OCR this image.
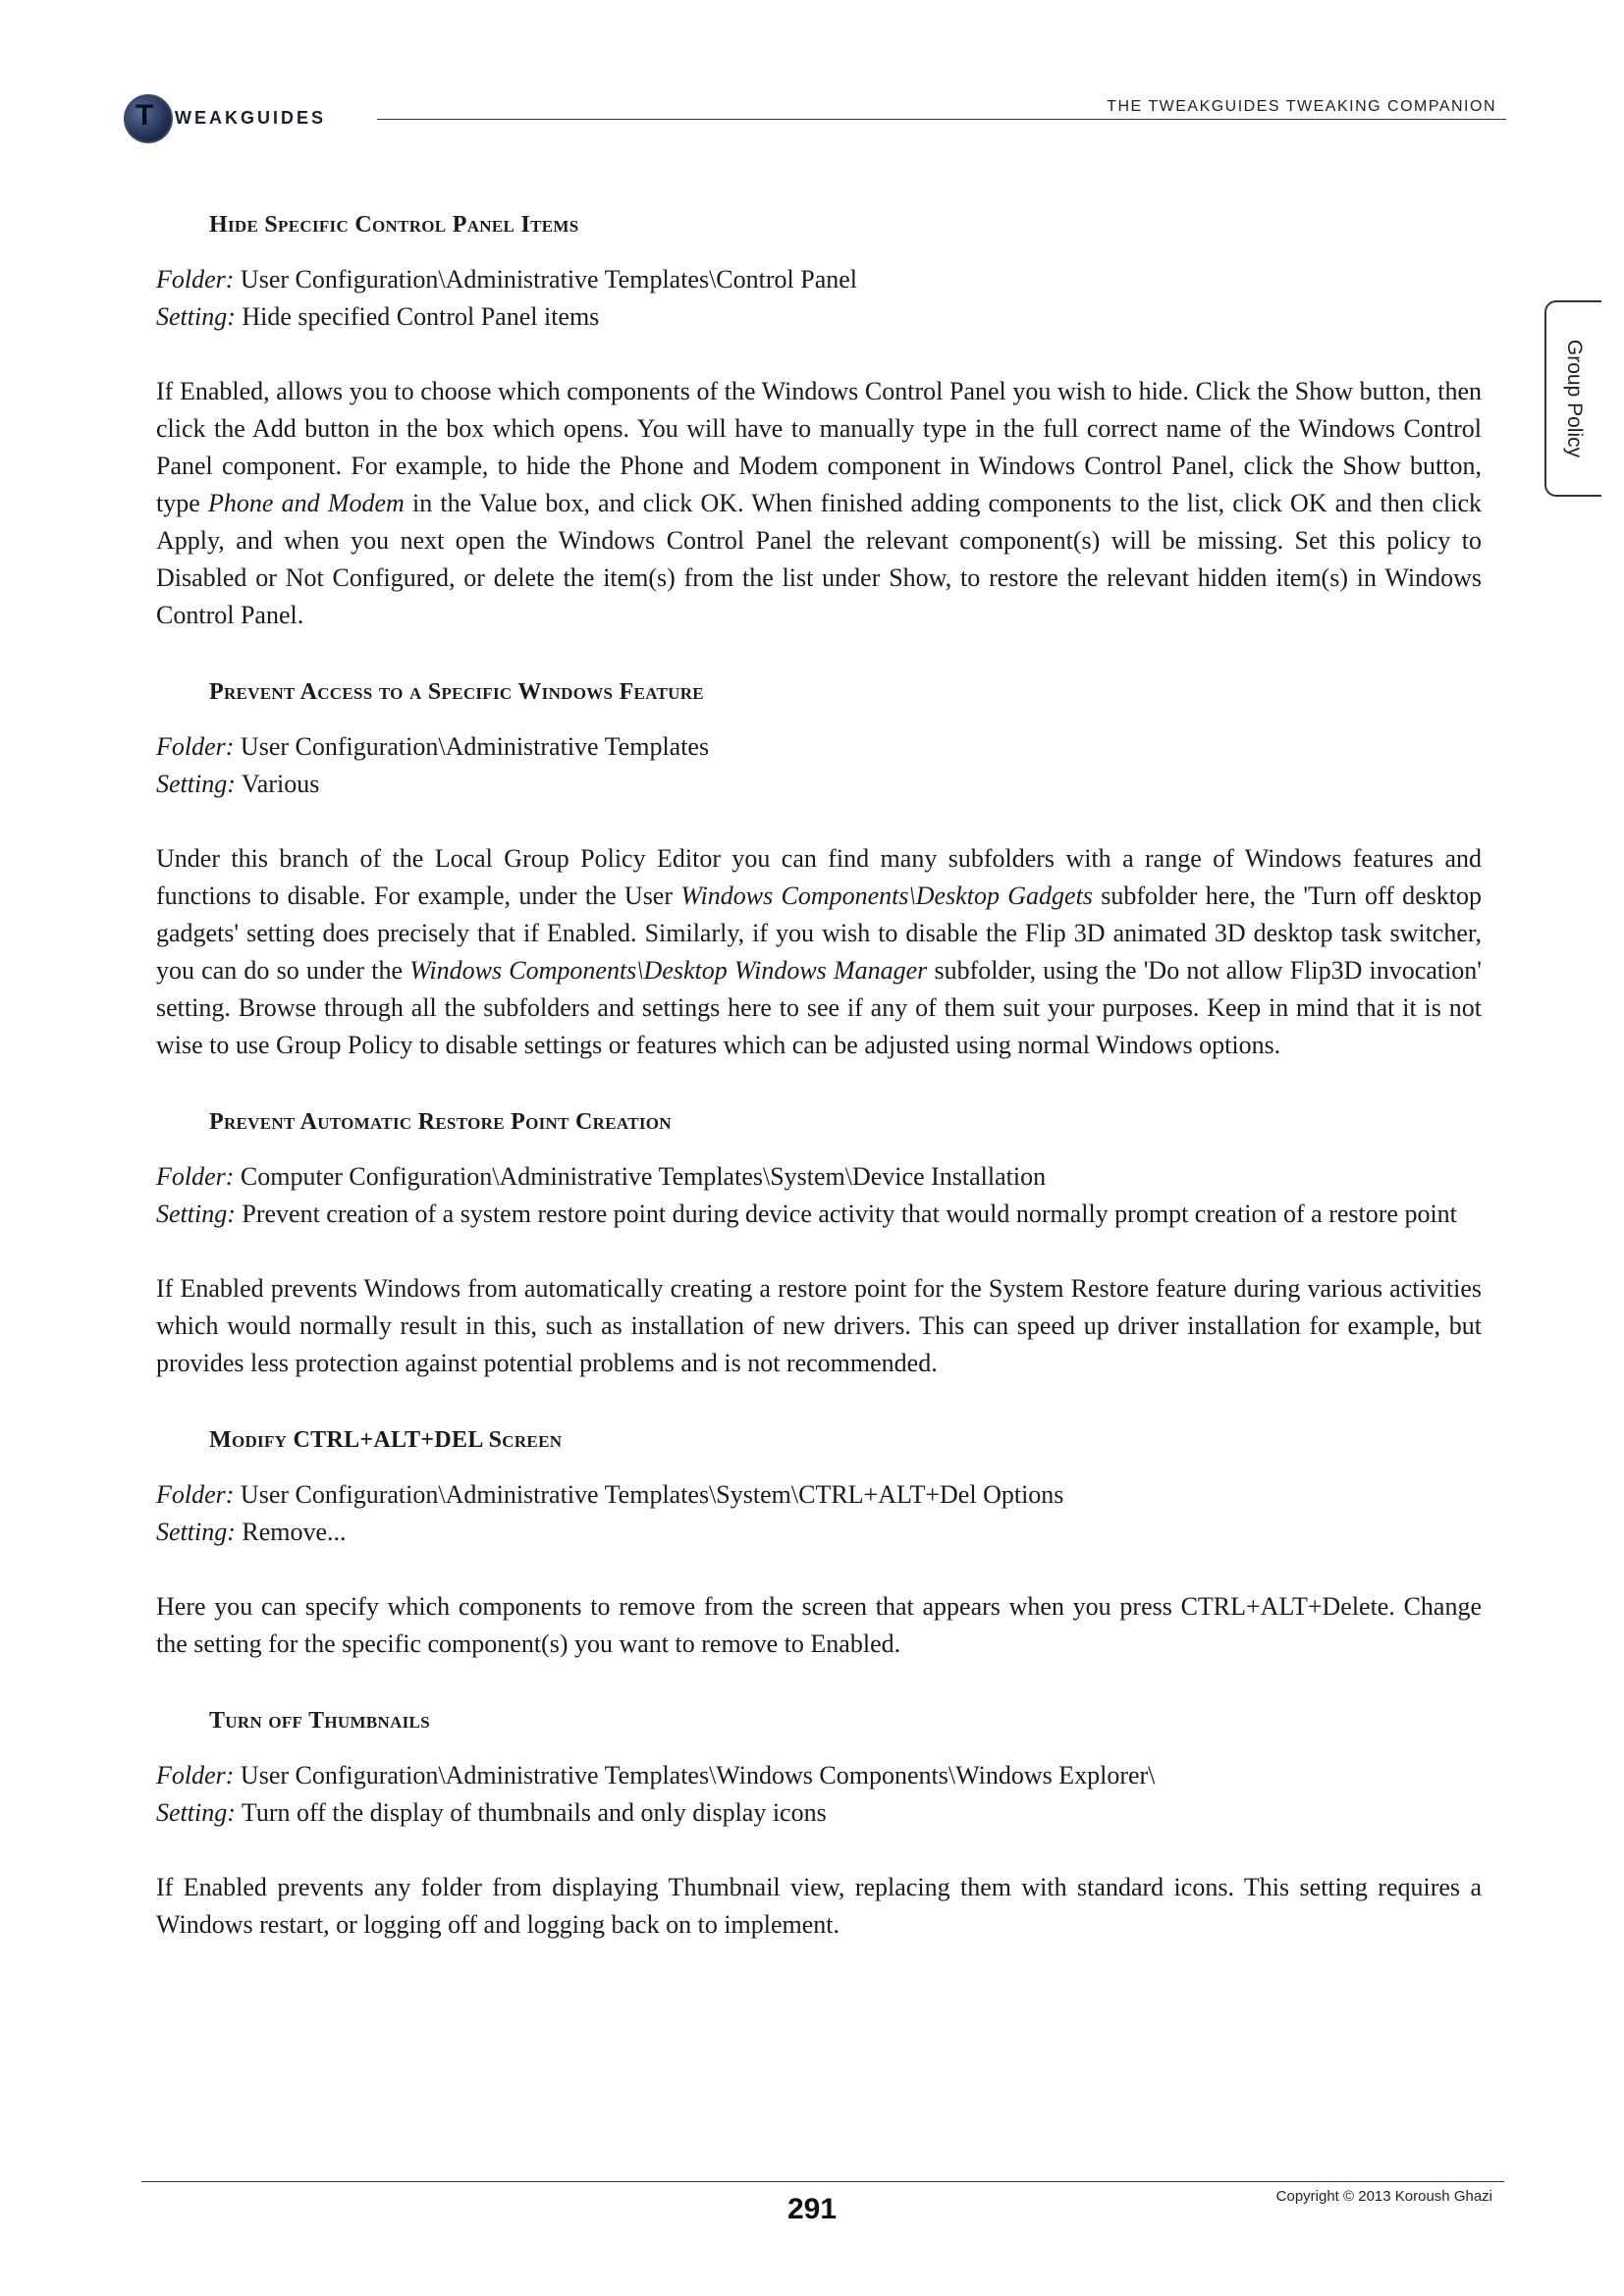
T WEAKGUIDES
THE TWEAKGUIDES TWEAKING COMPANION
Group Policy
Hide Specific Control Panel Items

Folder: User Configuration\Administrative Templates\Control Panel

Setting: Hide specified Control Panel items

If Enabled, allows you to choose which components of the Windows Control Panel you wish to hide. Click the Show button, then click the Add button in the box which opens. You will have to manually type in the full correct name of the Windows Control Panel component. For example, to hide the Phone and Modem component in Windows Control Panel, click the Show button, type Phone and Modem in the Value box, and click OK. When finished adding components to the list, click OK and then click Apply, and when you next open the Windows Control Panel the relevant component(s) will be missing. Set this policy to Disabled or Not Configured, or delete the item(s) from the list under Show, to restore the relevant hidden item(s) in Windows Control Panel.

Prevent Access to a Specific Windows Feature

Folder: User Configuration\Administrative Templates

Setting: Various

Under this branch of the Local Group Policy Editor you can find many subfolders with a range of Windows features and functions to disable. For example, under the User Windows Components\Desktop Gadgets subfolder here, the 'Turn off desktop gadgets' setting does precisely that if Enabled. Similarly, if you wish to disable the Flip 3D animated 3D desktop task switcher, you can do so under the Windows Components\Desktop Windows Manager subfolder, using the 'Do not allow Flip3D invocation' setting. Browse through all the subfolders and settings here to see if any of them suit your purposes. Keep in mind that it is not wise to use Group Policy to disable settings or features which can be adjusted using normal Windows options.

Prevent Automatic Restore Point Creation

Folder: Computer Configuration\Administrative Templates\System\Device Installation

Setting: Prevent creation of a system restore point during device activity that would normally prompt creation of a restore point

If Enabled prevents Windows from automatically creating a restore point for the System Restore feature during various activities which would normally result in this, such as installation of new drivers. This can speed up driver installation for example, but provides less protection against potential problems and is not recommended.

Modify CTRL+ALT+DEL Screen

Folder: User Configuration\Administrative Templates\System\CTRL+ALT+Del Options

Setting: Remove...

Here you can specify which components to remove from the screen that appears when you press CTRL+ALT+Delete. Change the setting for the specific component(s) you want to remove to Enabled.

Turn off Thumbnails

Folder: User Configuration\Administrative Templates\Windows Components\Windows Explorer\

Setting: Turn off the display of thumbnails and only display icons

If Enabled prevents any folder from displaying Thumbnail view, replacing them with standard icons. This setting requires a Windows restart, or logging off and logging back on to implement.

291	Copyright © 2013 Koroush Ghazi
